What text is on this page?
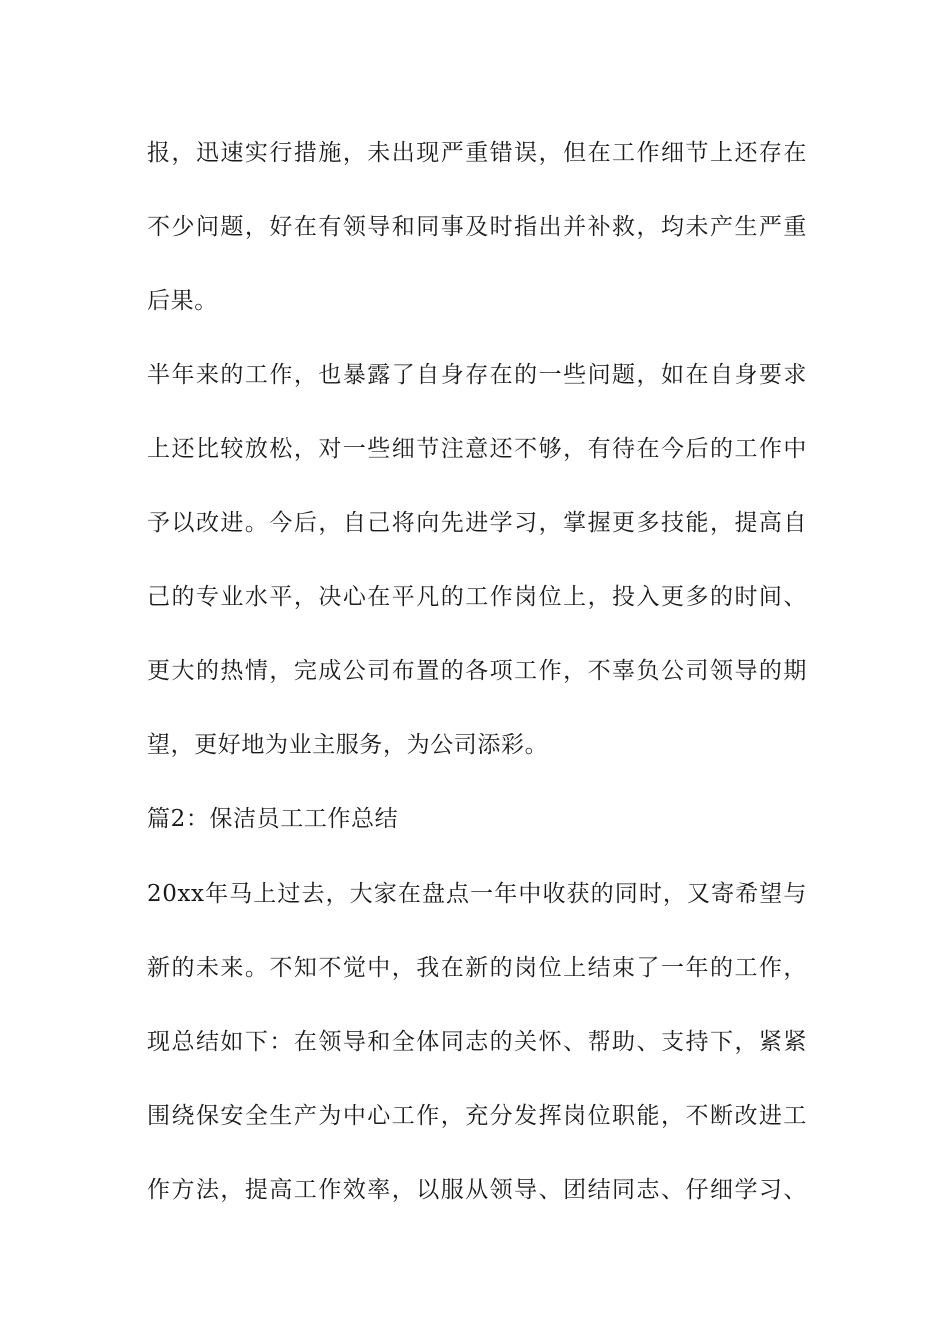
报，迅速实行措施，未出现严重错误，但在工作细节上还存在
不少问题，好在有领导和同事及时指出并补救，均未产生严重
后果。
半年来的工作，也暴露了自身存在的一些问题，如在自身要求
上还比较放松，对一些细节注意还不够，有待在今后的工作中
予以改进。今后，自己将向先进学习，掌握更多技能，提高自
己的专业水平，决心在平凡的工作岗位上，投入更多的时间、
更大的热情，完成公司布置的各项工作，不辜负公司领导的期
望，更好地为业主服务，为公司添彩。
篇2：保洁员工工作总结
20xx年马上过去，大家在盘点一年中收获的同时，又寄希望与
新的未来。不知不觉中，我在新的岗位上结束了一年的工作，
现总结如下：在领导和全体同志的关怀、帮助、支持下，紧紧
围绕保安全生产为中心工作，充分发挥岗位职能，不断改进工
作方法，提高工作效率，以服从领导、团结同志、仔细学习、
